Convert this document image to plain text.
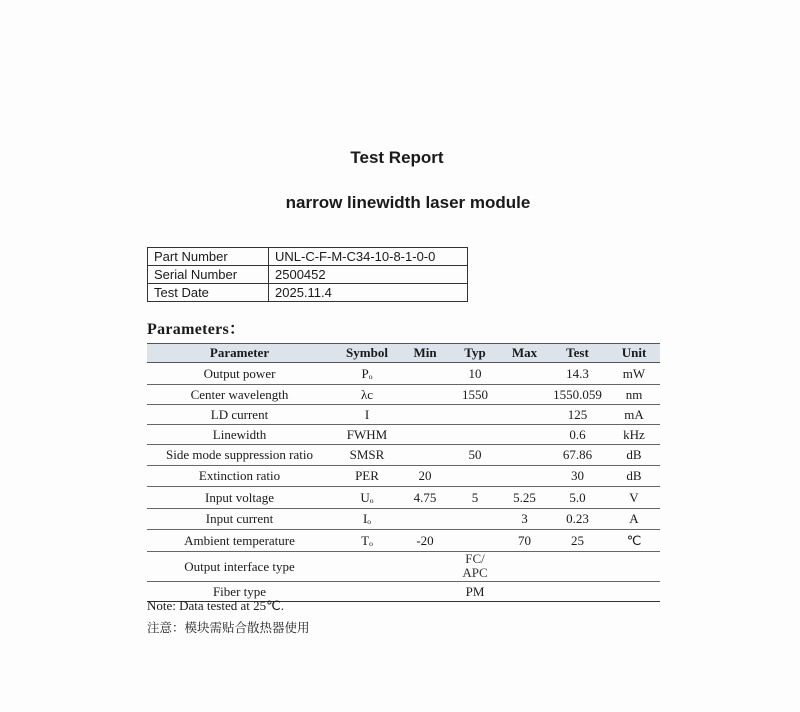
Test Report
narrow linewidth laser module
Part Number	UNL-C-F-M-C34-10-8-1-0-0
Serial Number	2500452
Test Date	2025.11.4
Parameters：
Parameter	Symbol	Min	Typ	Max	Test	Unit
Output power	Pₒ		10		14.3	mW
Center wavelength	λc		1550		1550.059	nm
LD current	I				125	mA
Linewidth	FWHM				0.6	kHz
Side mode suppression ratio	SMSR		50		67.86	dB
Extinction ratio	PER	20			30	dB
Input voltage	Uₒ	4.75	5	5.25	5.0	V
Input current	Iₒ			3	0.23	A
Ambient temperature	Tₒ	-20		70	25	℃
Output interface type			FC/
APC			
Fiber type			PM			
Note: Data tested at 25℃.
注意：模块需贴合散热器使用
